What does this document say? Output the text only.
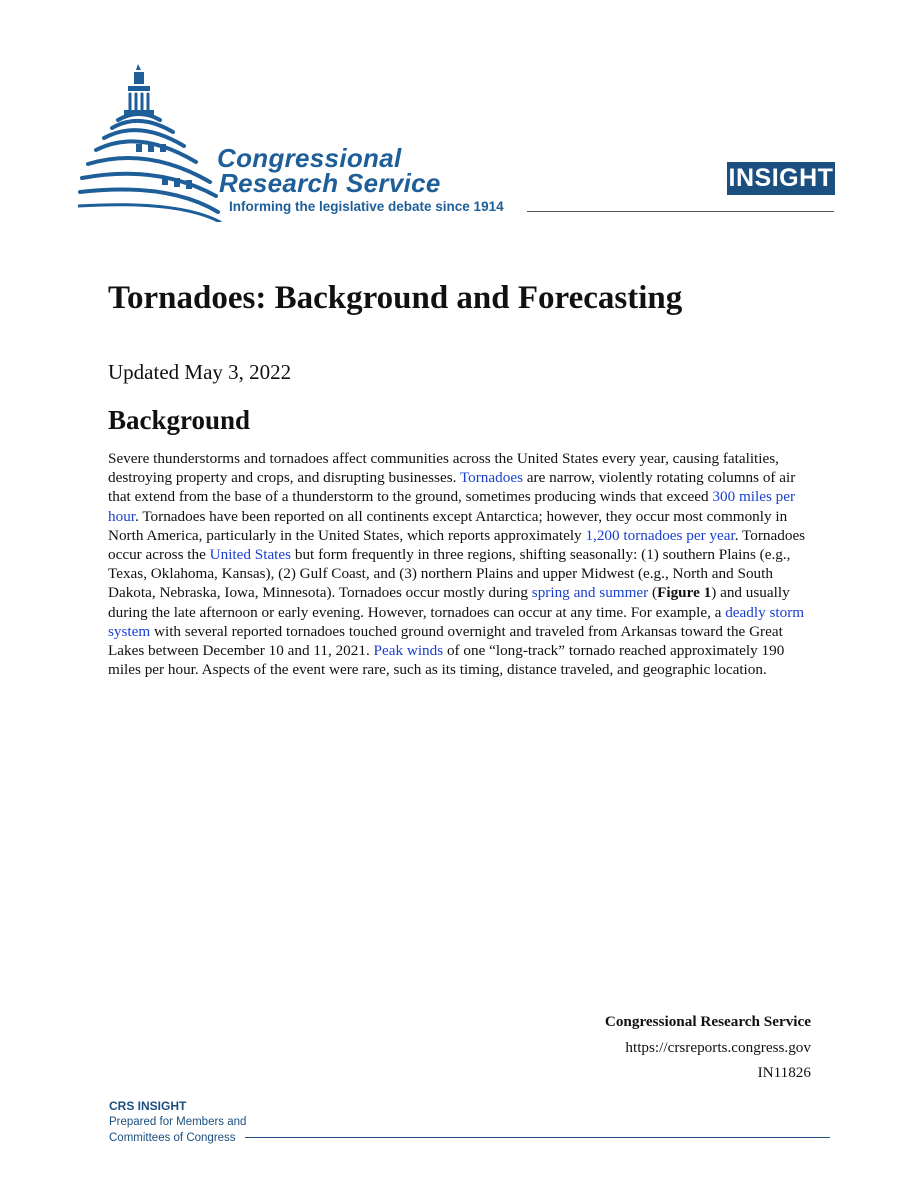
Congressional
Research Service
Informing the legislative debate since 1914
INSIGHT
Tornadoes: Background and Forecasting
Updated May 3, 2022
Background

Severe thunderstorms and tornadoes affect communities across the United States every year, causing fatalities, destroying property and crops, and disrupting businesses. Tornadoes are narrow, violently rotating columns of air that extend from the base of a thunderstorm to the ground, sometimes producing winds that exceed 300 miles per hour. Tornadoes have been reported on all continents except Antarctica; however, they occur most commonly in North America, particularly in the United States, which reports approximately 1,200 tornadoes per year. Tornadoes occur across the United States but form frequently in three regions, shifting seasonally: (1) southern Plains (e.g., Texas, Oklahoma, Kansas), (2) Gulf Coast, and (3) northern Plains and upper Midwest (e.g., North and South Dakota, Nebraska, Iowa, Minnesota). Tornadoes occur mostly during spring and summer (Figure 1) and usually during the late afternoon or early evening. However, tornadoes can occur at any time. For example, a deadly storm system with several reported tornadoes touched ground overnight and traveled from Arkansas toward the Great Lakes between December 10 and 11, 2021. Peak winds of one “long-track” tornado reached approximately 190 miles per hour. Aspects of the event were rare, such as its timing, distance traveled, and geographic location.

Congressional Research Service
https://crsreports.congress.gov
IN11826
CRS INSIGHT
Prepared for Members and
Committees of Congress
